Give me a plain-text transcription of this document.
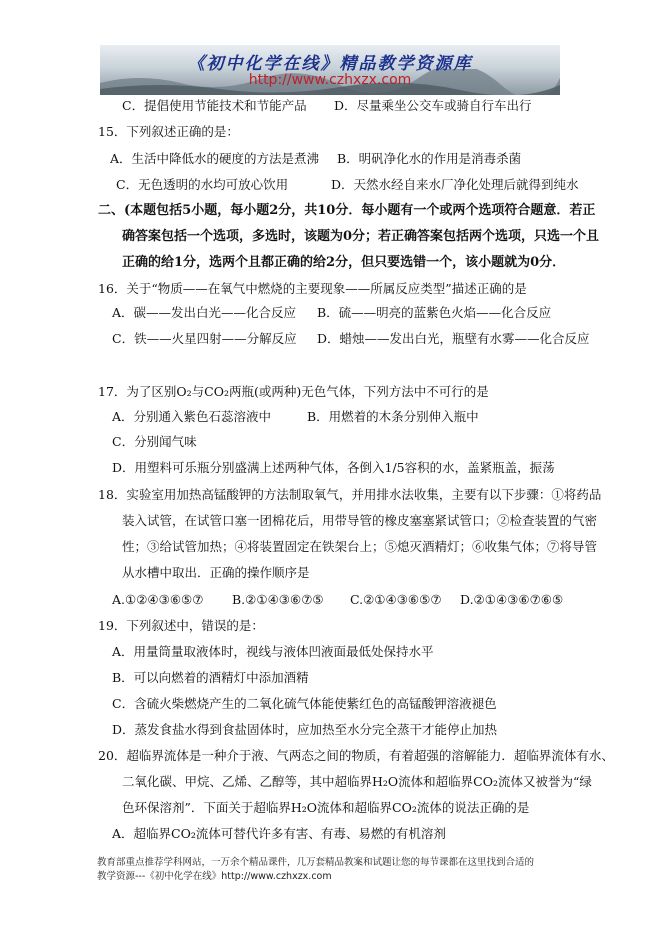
《初中化学在线》精品教学资源库
http://www.czhxzx.com
C．提倡使用节能技术和节能产品 D．尽量乘坐公交车或骑自行车出行
15．下列叙述正确的是：
A．生活中降低水的硬度的方法是煮沸 B．明矾净化水的作用是消毒杀菌
C．无色透明的水均可放心饮用	D．天然水经自来水厂净化处理后就得到纯水
二、(本题包括5小题，每小题2分，共10分．每小题有一个或两个选项符合题意．若正
确答案包括一个选项，多选时，该题为0分；若正确答案包括两个选项，只选一个且
正确的给1分，选两个且都正确的给2分，但只要选错一个，该小题就为0分．
16．关于“物质——在氧气中燃烧的主要现象——所属反应类型”描述正确的是
A．碳——发出白光——化合反应 B．硫——明亮的蓝紫色火焰——化合反应
C．铁——火星四射——分解反应 D．蜡烛——发出白光，瓶壁有水雾——化合反应
17．为了区别O₂与CO₂两瓶(或两种)无色气体，下列方法中不可行的是
A．分别通入紫色石蕊溶液中	B．用燃着的木条分别伸入瓶中
C．分别闻气味
D．用塑料可乐瓶分别盛满上述两种气体，各倒入1/5容积的水，盖紧瓶盖，振荡
18．实验室用加热高锰酸钾的方法制取氧气，并用排水法收集，主要有以下步骤：①将药品
装入试管，在试管口塞一团棉花后，用带导管的橡皮塞塞紧试管口；②检查装置的气密
性；③给试管加热；④将装置固定在铁架台上；⑤熄灭酒精灯；⑥收集气体；⑦将导管
从水槽中取出．正确的操作顺序是
A.①②④③⑥⑤⑦ B.②①④③⑥⑦⑤ C.②①④③⑥⑤⑦ D.②①④③⑥⑦⑥⑤
19．下列叙述中，错误的是：
A．用量筒量取液体时，视线与液体凹液面最低处保持水平
B．可以向燃着的酒精灯中添加酒精
C．含硫火柴燃烧产生的二氧化硫气体能使紫红色的高锰酸钾溶液褪色
D．蒸发食盐水得到食盐固体时，应加热至水分完全蒸干才能停止加热
20．超临界流体是一种介于液、气两态之间的物质，有着超强的溶解能力．超临界流体有水、
二氧化碳、甲烷、乙烯、乙醇等，其中超临界H₂O流体和超临界CO₂流体又被誉为“绿
色环保溶剂”．下面关于超临界H₂O流体和超临界CO₂流体的说法正确的是
A．超临界CO₂流体可替代许多有害、有毒、易燃的有机溶剂
教育部重点推荐学科网站，一万余个精品课件，几万套精品教案和试题让您的每节课都在这里找到合适的
教学资源---《初中化学在线》http://www.czhxzx.com
